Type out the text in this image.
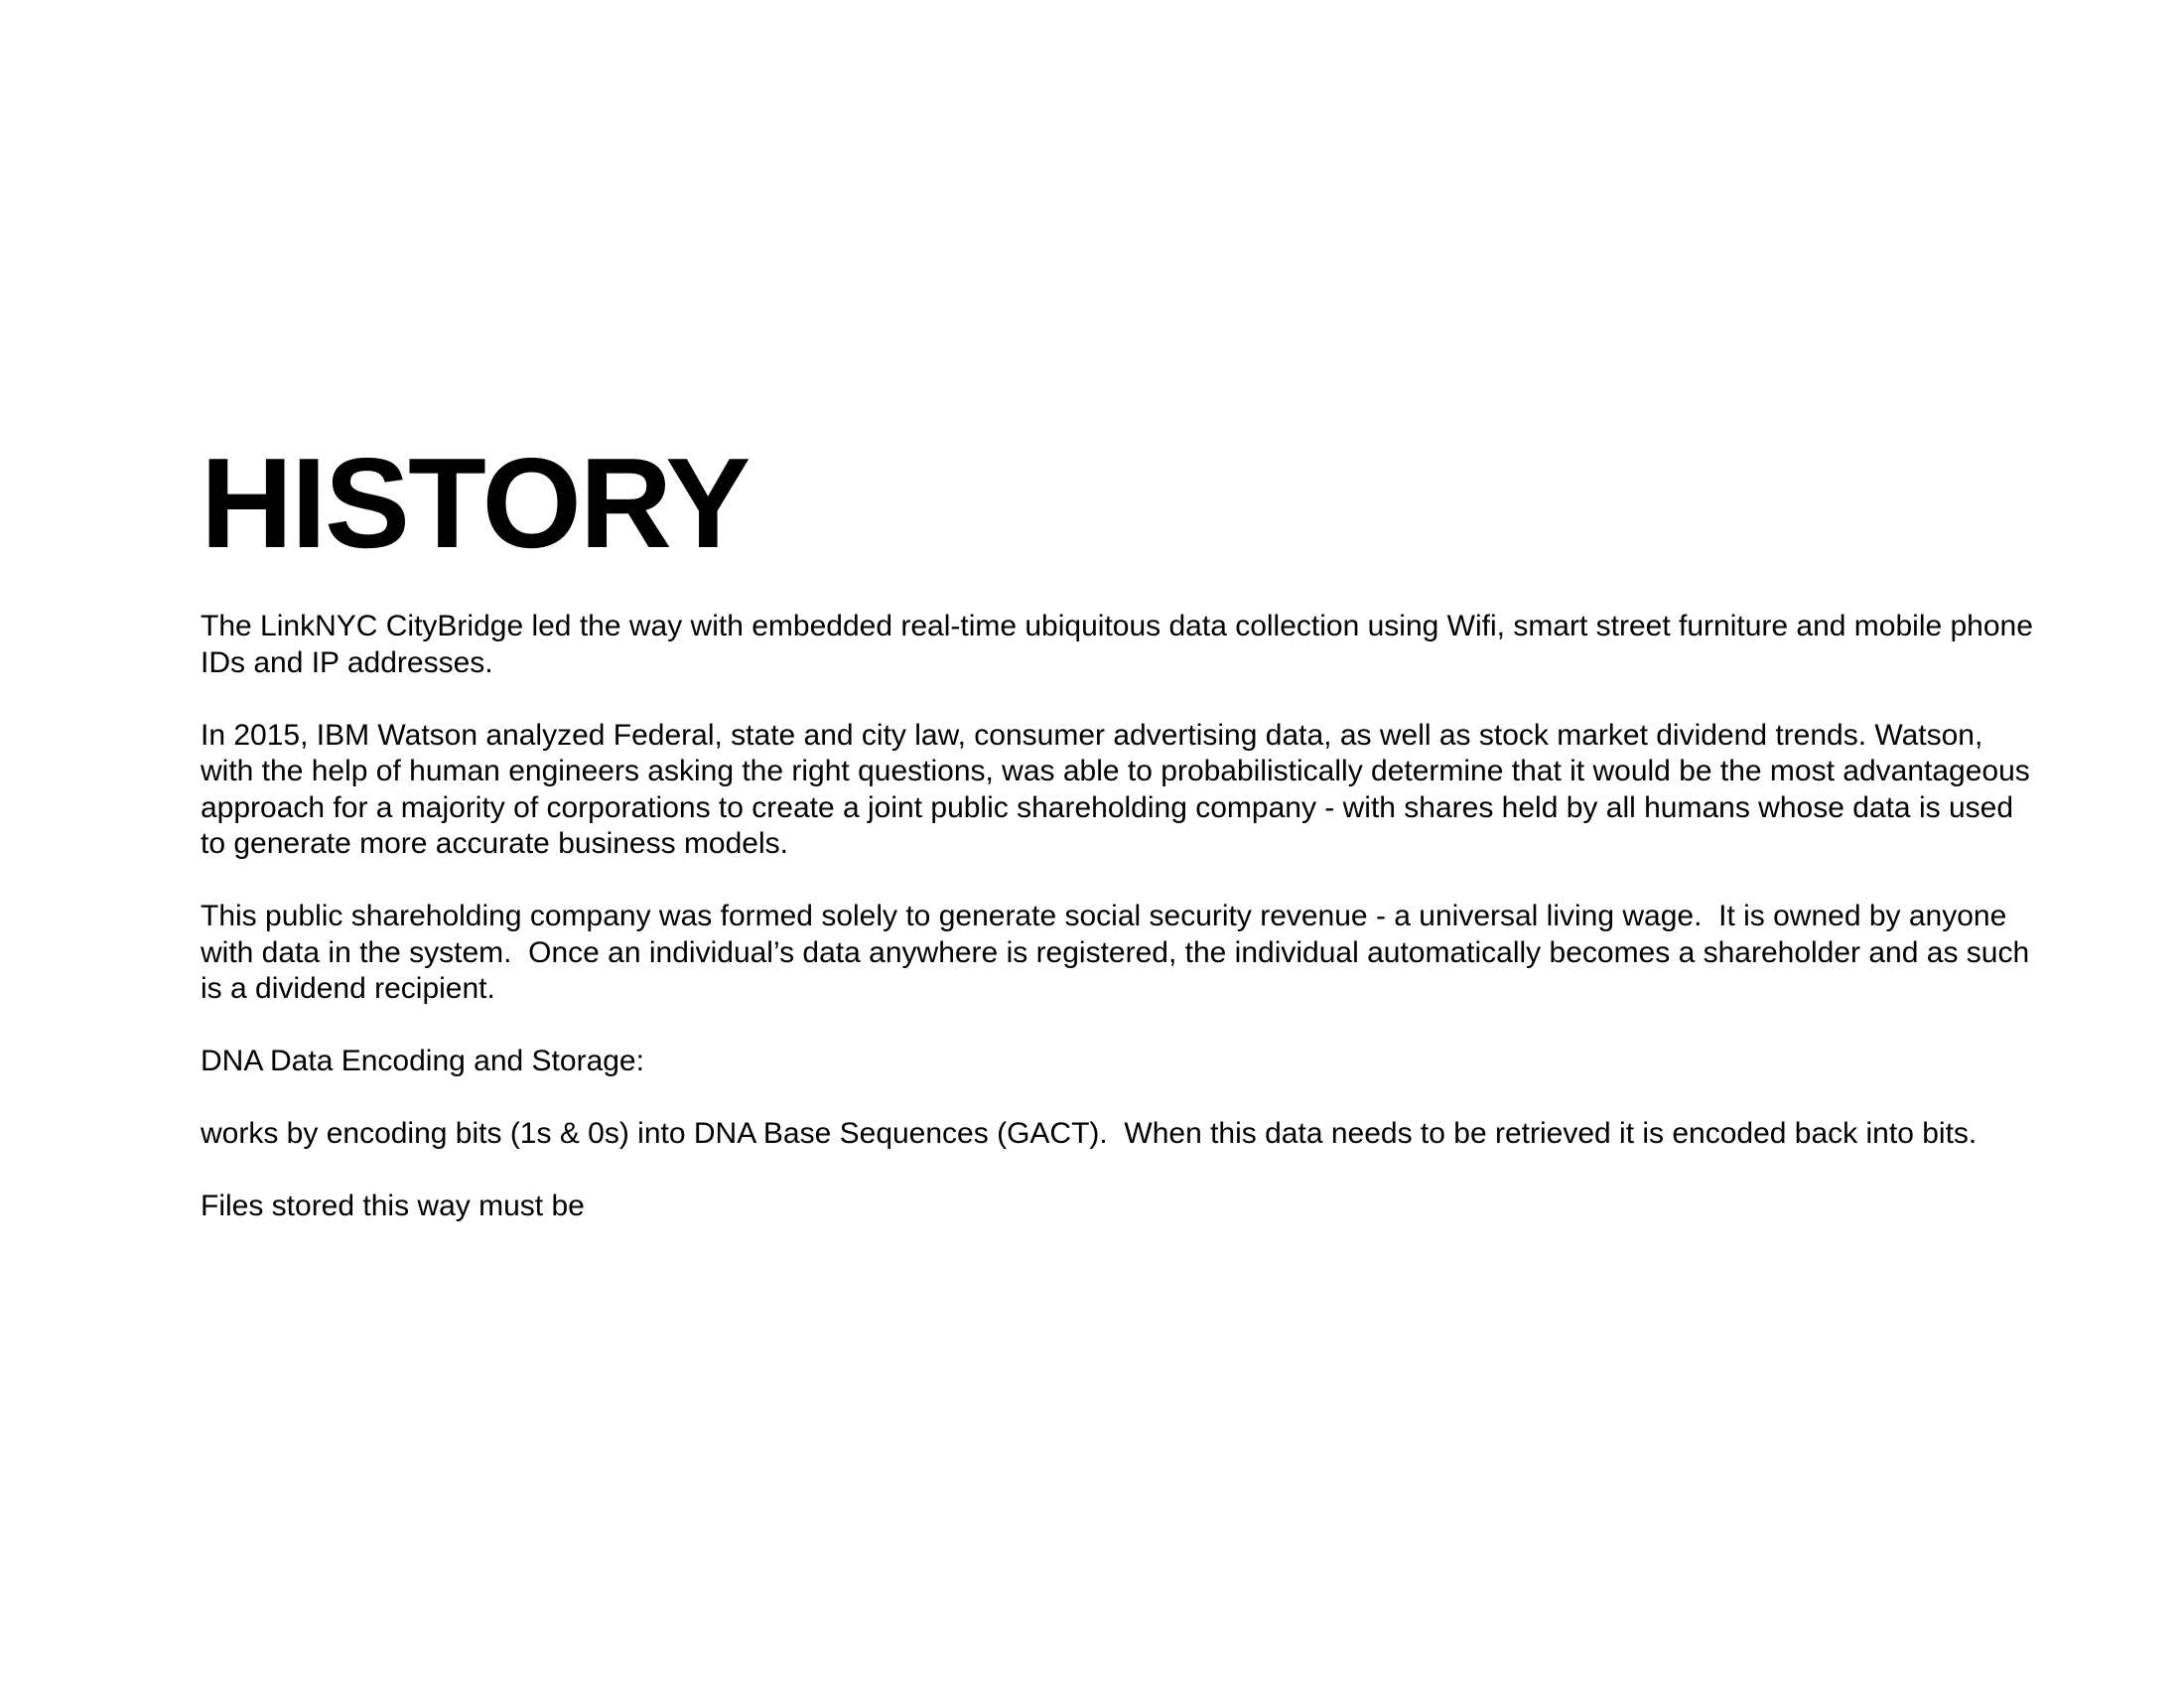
HISTORY

The LinkNYC CityBridge led the way with embedded real-time ubiquitous data collection using Wifi, smart street furniture and mobile phone IDs and IP addresses.

In 2015, IBM Watson analyzed Federal, state and city law, consumer advertising data, as well as stock market dividend trends. Watson, with the help of human engineers asking the right questions, was able to probabilistically determine that it would be the most advantageous approach for a majority of corporations to create a joint public shareholding company - with shares held by all humans whose data is used to generate more accurate business models.

This public shareholding company was formed solely to generate social security revenue - a universal living wage.  It is owned by anyone with data in the system.  Once an individual’s data anywhere is registered, the individual automatically becomes a shareholder and as such is a dividend recipient.

DNA Data Encoding and Storage:

works by encoding bits (1s & 0s) into DNA Base Sequences (GACT).  When this data needs to be retrieved it is encoded back into bits.

Files stored this way must be
